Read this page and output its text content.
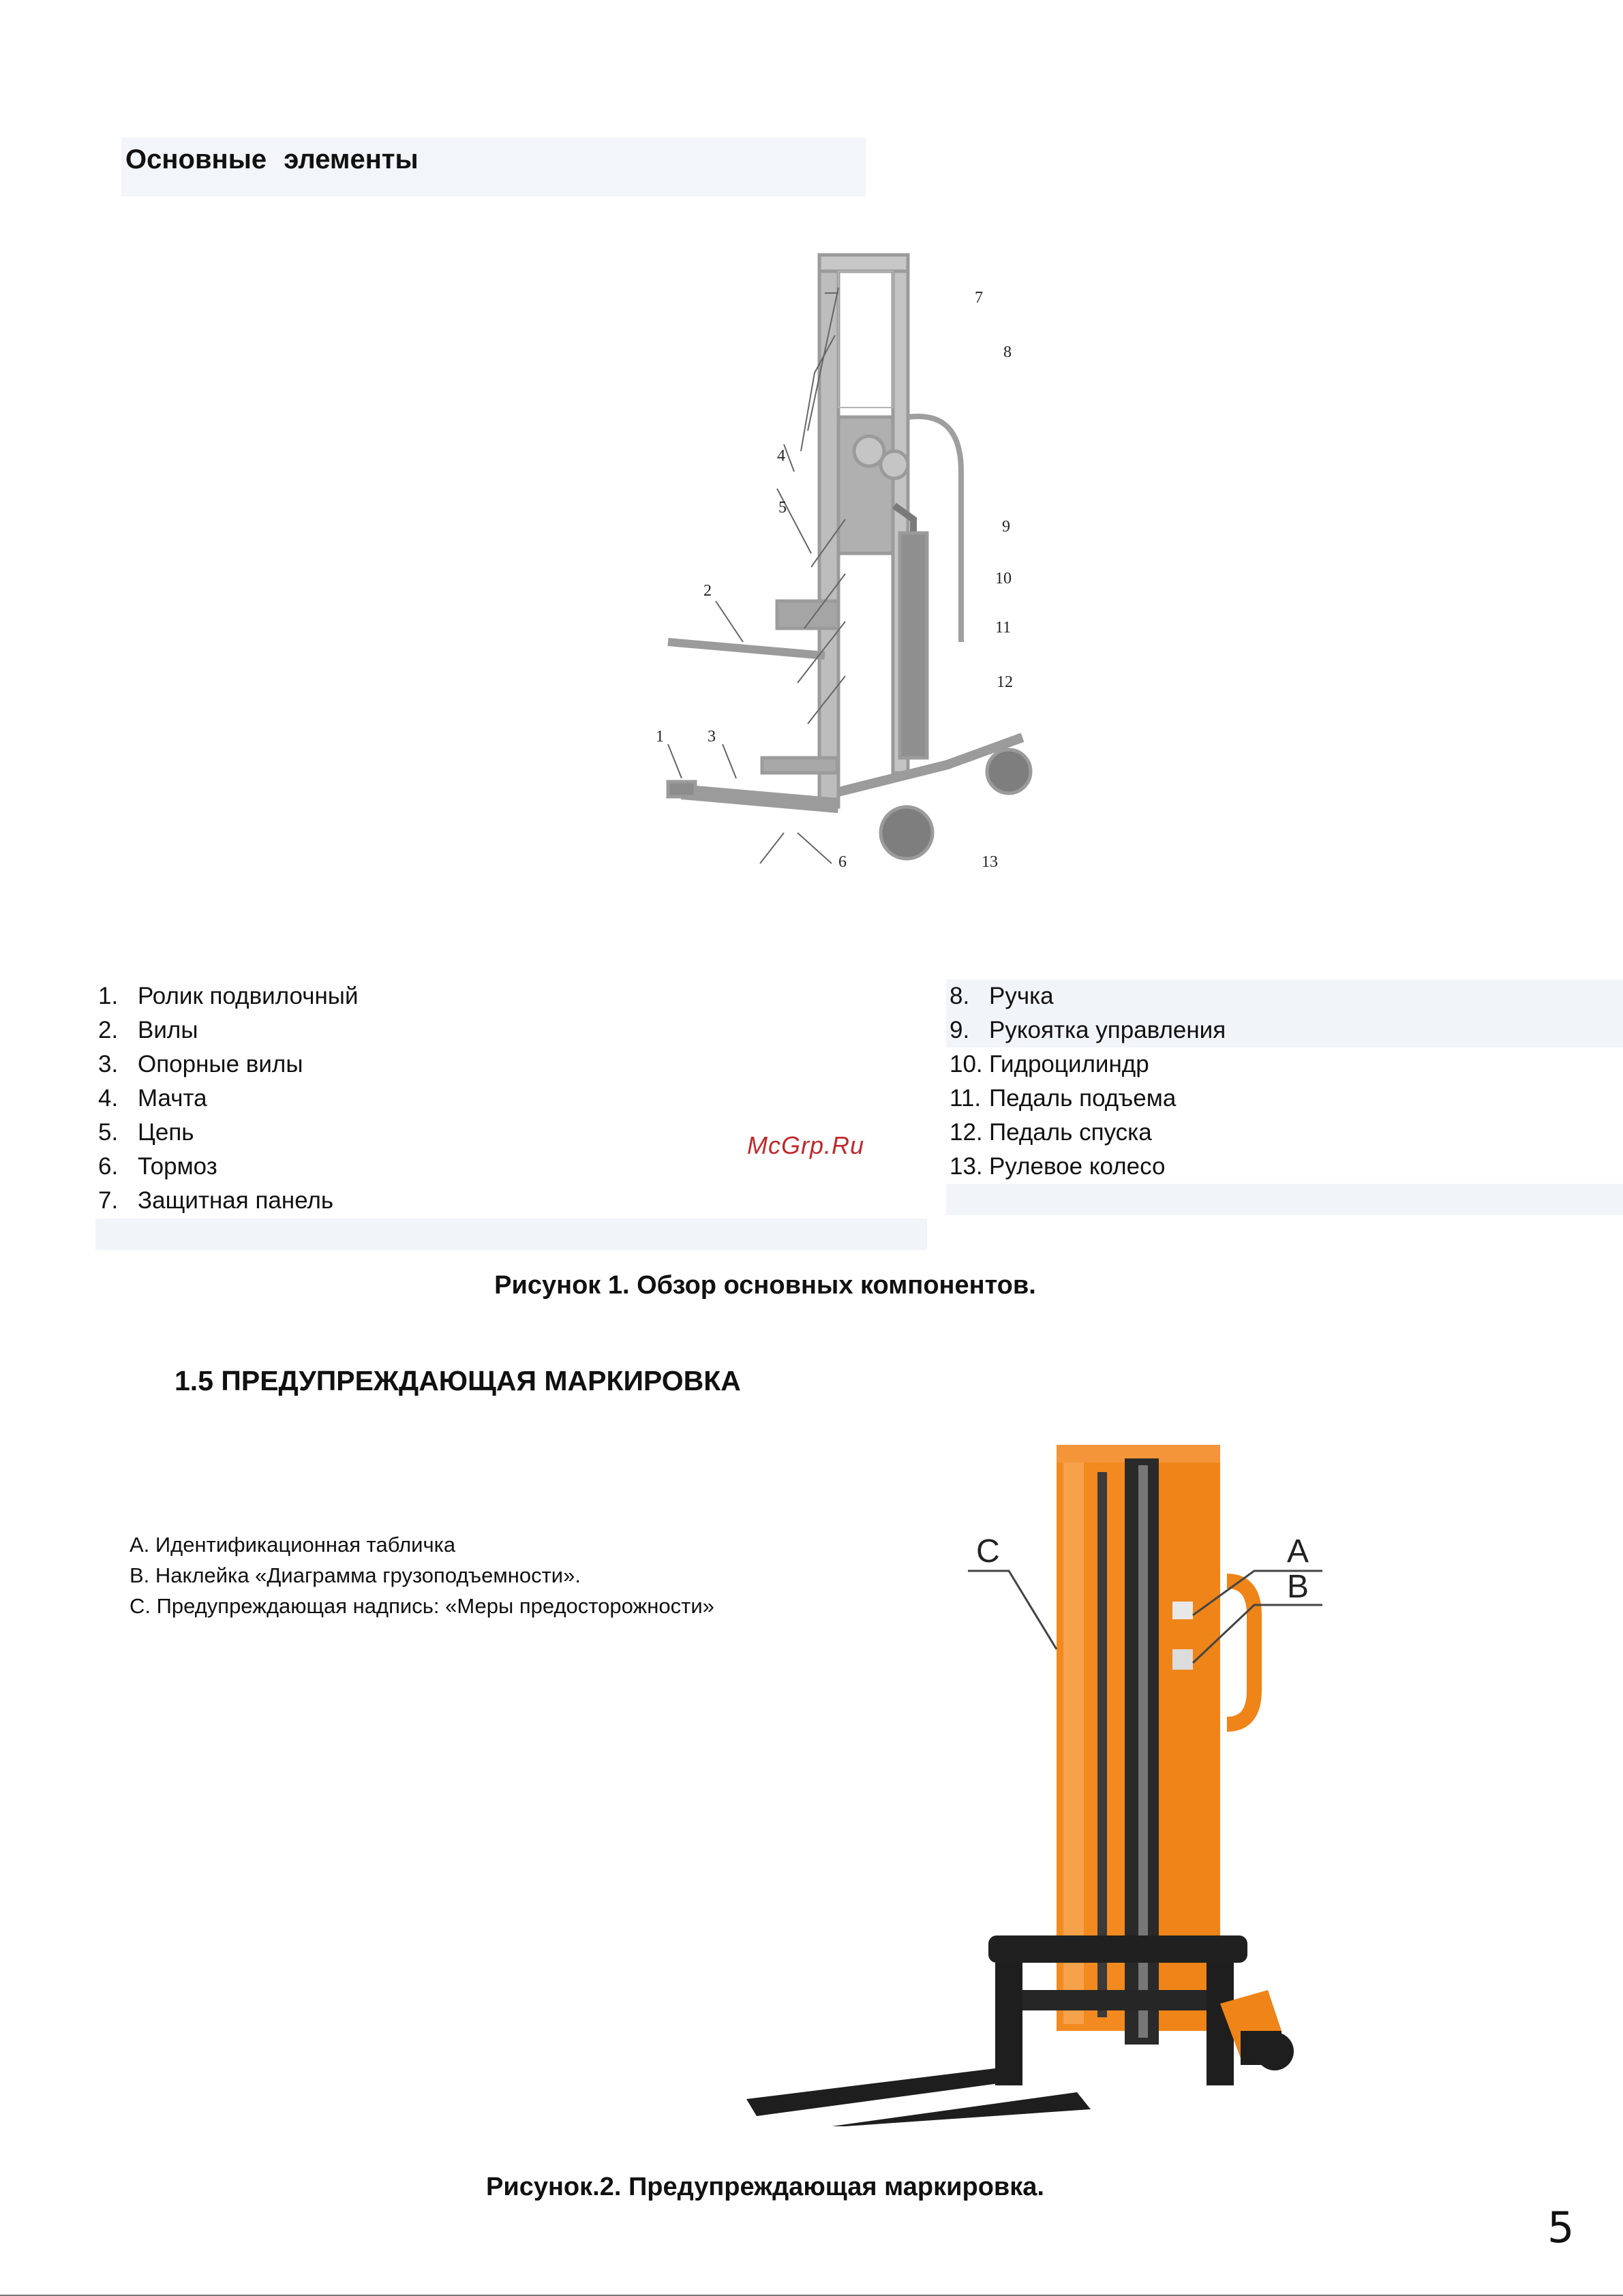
Основные элементы
1
2
3
4
5
6
7
8
9
10
11
12
13
1. Ролик подвилочный
2. Вилы
3. Опорные вилы
4. Мачта
5. Цепь
6. Тормоз
7. Защитная панель
8. Ручка
9. Рукоятка управления
10. Гидроцилиндр
11. Педаль подъема
12. Педаль спуска
13. Рулевое колесо
McGrp.Ru
Рисунок 1. Обзор основных компонентов.
1.5 ПРЕДУПРЕЖДАЮЩАЯ МАРКИРОВКА
A. Идентификационная табличка
B. Наклейка «Диаграмма грузоподъемности».
C. Предупреждающая надпись: «Меры предосторожности»
C	A
B
Рисунок.2. Предупреждающая маркировка.
5
